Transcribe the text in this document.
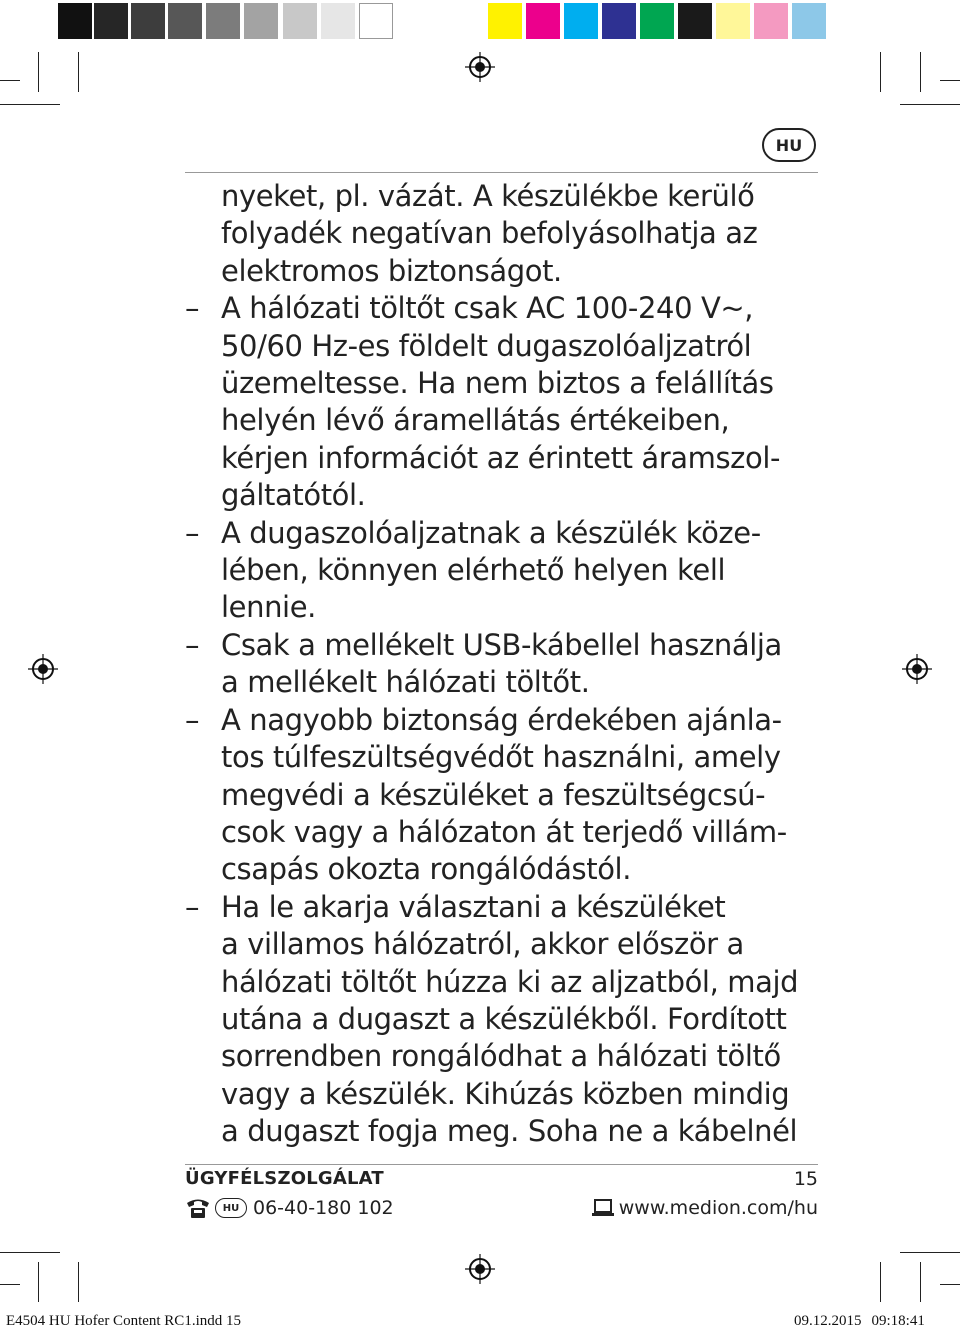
HU
nyeket, pl. vázát. A készülékbe kerülő
folyadék negatívan befolyásolhatja az
elektromos biztonságot.
– A hálózati töltőt csak AC 100-240 V~,
50/60 Hz-es földelt dugaszolóaljzatról
üzemeltesse. Ha nem biztos a felállítás
helyén lévő áramellátás értékeiben,
kérjen információt az érintett áramszol-
gáltatótól.
– A dugaszolóaljzatnak a készülék köze-
lében, könnyen elérhető helyen kell
lennie.
– Csak a mellékelt USB-kábellel használja
a mellékelt hálózati töltőt.
– A nagyobb biztonság érdekében ajánla-
tos túlfeszültségvédőt használni, amely
megvédi a készüléket a feszültségcsú-
csok vagy a hálózaton át terjedő villám-
csapás okozta rongálódástól.
– Ha le akarja választani a készüléket
a villamos hálózatról, akkor először a
hálózati töltőt húzza ki az aljzatból, majd
utána a dugaszt a készülékből. Fordított
sorrendben rongálódhat a hálózati töltő
vagy a készülék. Kihúzás közben mindig
a dugaszt fogja meg. Soha ne a kábelnél
ÜGYFÉLSZOLGÁLAT	15
HU 06-40-180 102	www.medion.com/hu
E4504 HU Hofer Content RC1.indd 15	09.12.2015 09:18:41
